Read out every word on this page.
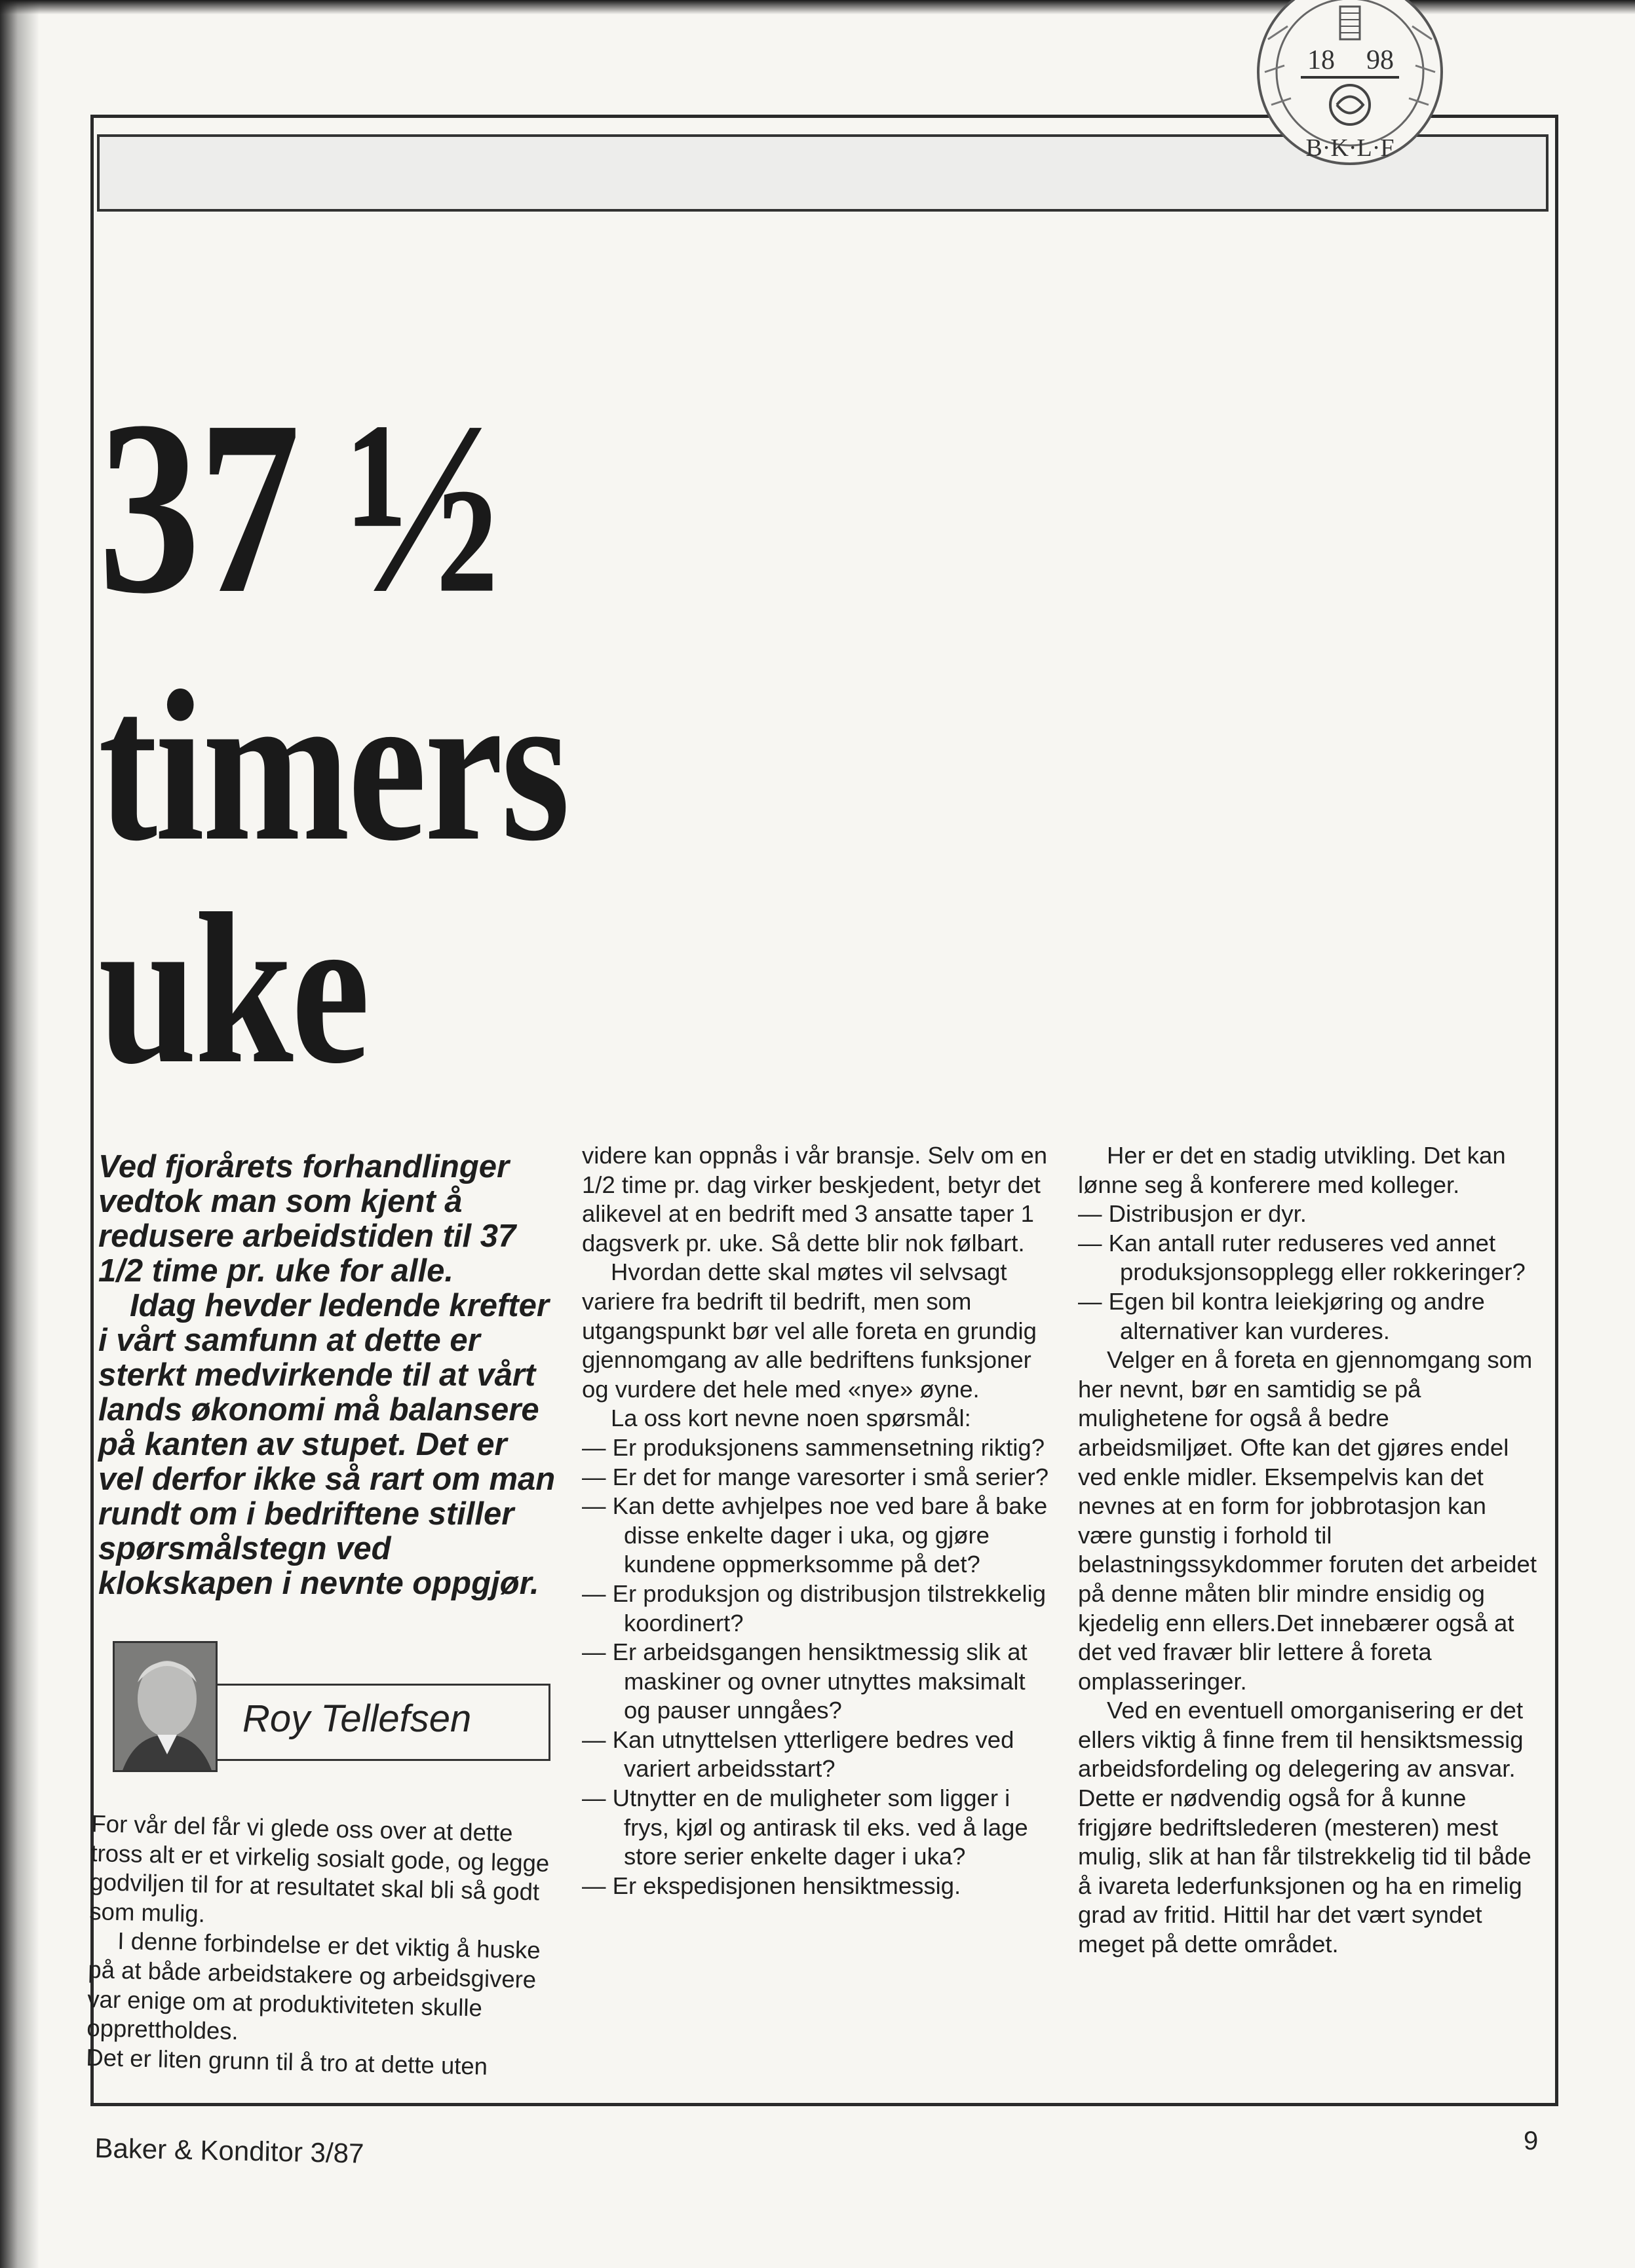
18 98
B·K·L·F
37 ½
timers
uke

Ved fjorårets forhandlinger vedtok man som kjent å redusere arbeidstiden til 37 1/2 time pr. uke for alle.

Idag hevder ledende krefter i vårt samfunn at dette er sterkt medvirkende til at vårt lands økonomi må balansere på kanten av stupet. Det er vel derfor ikke så rart om man rundt om i bedriftene stiller spørsmålstegn ved klokskapen i nevnte oppgjør.

Roy Tellefsen

For vår del får vi glede oss over at dette tross alt er et virkelig sosialt gode, og legge godviljen til for at resultatet skal bli så godt som mulig.

I denne forbindelse er det viktig å huske på at både arbeidstakere og arbeidsgivere var enige om at produktiviteten skulle opprettholdes.

Det er liten grunn til å tro at dette uten

videre kan oppnås i vår bransje. Selv om en 1/2 time pr. dag virker beskjedent, betyr det alikevel at en bedrift med 3 ansatte taper 1 dagsverk pr. uke. Så dette blir nok følbart.

Hvordan dette skal møtes vil selvsagt variere fra bedrift til bedrift, men som utgangspunkt bør vel alle foreta en grundig gjennomgang av alle bedriftens funksjoner og vurdere det hele med «nye» øyne.

La oss kort nevne noen spørsmål:

— Er produksjonens sammensetning riktig?

— Er det for mange varesorter i små serier?

— Kan dette avhjelpes noe ved bare å bake disse enkelte dager i uka, og gjøre kundene oppmerksomme på det?

— Er produksjon og distribusjon tilstrekkelig koordinert?

— Er arbeidsgangen hensiktmessig slik at maskiner og ovner utnyttes maksimalt og pauser unngåes?

— Kan utnyttelsen ytterligere bedres ved variert arbeidsstart?

— Utnytter en de muligheter som ligger i frys, kjøl og antirask til eks. ved å lage store serier enkelte dager i uka?

— Er ekspedisjonen hensiktmessig.

Her er det en stadig utvikling. Det kan lønne seg å konferere med kolleger.

— Distribusjon er dyr.

— Kan antall ruter reduseres ved annet produksjonsopplegg eller rokkeringer?

— Egen bil kontra leiekjøring og andre alternativer kan vurderes.

Velger en å foreta en gjennomgang som her nevnt, bør en samtidig se på mulighetene for også å bedre arbeidsmiljøet. Ofte kan det gjøres endel ved enkle midler. Eksempelvis kan det nevnes at en form for jobbrotasjon kan være gunstig i forhold til belastningssykdommer foruten det arbeidet på denne måten blir mindre ensidig og kjedelig enn ellers.Det innebærer også at det ved fravær blir lettere å foreta omplasseringer.

Ved en eventuell omorganisering er det ellers viktig å finne frem til hensiktsmessig arbeidsfordeling og delegering av ansvar. Dette er nødvendig også for å kunne frigjøre bedriftslederen (mesteren) mest mulig, slik at han får tilstrekkelig tid til både å ivareta lederfunksjonen og ha en rimelig grad av fritid. Hittil har det vært syndet meget på dette området.

Baker & Konditor 3/87	9
